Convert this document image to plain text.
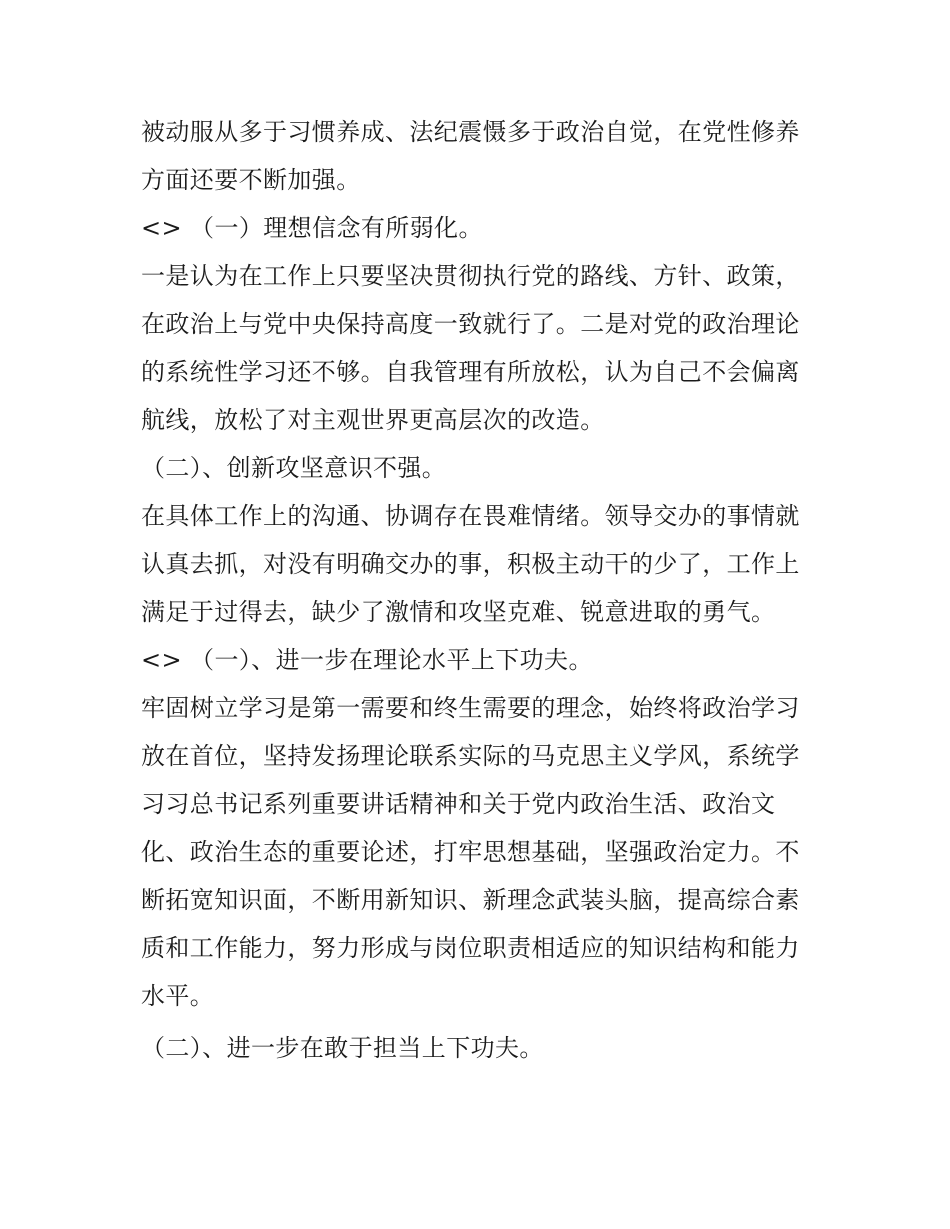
被动服从多于习惯养成、法纪震慑多于政治自觉，在党性修养
方面还要不断加强。
<> （一）理想信念有所弱化。
一是认为在工作上只要坚决贯彻执行党的路线、方针、政策，
在政治上与党中央保持高度一致就行了。二是对党的政治理论
的系统性学习还不够。自我管理有所放松，认为自己不会偏离
航线，放松了对主观世界更高层次的改造。
（二）、创新攻坚意识不强。
在具体工作上的沟通、协调存在畏难情绪。领导交办的事情就
认真去抓，对没有明确交办的事，积极主动干的少了，工作上
满足于过得去，缺少了激情和攻坚克难、锐意进取的勇气。
<> （一）、进一步在理论水平上下功夫。
牢固树立学习是第一需要和终生需要的理念，始终将政治学习
放在首位，坚持发扬理论联系实际的马克思主义学风，系统学
习习总书记系列重要讲话精神和关于党内政治生活、政治文
化、政治生态的重要论述，打牢思想基础，坚强政治定力。不
断拓宽知识面，不断用新知识、新理念武装头脑，提高综合素
质和工作能力，努力形成与岗位职责相适应的知识结构和能力
水平。
（二）、进一步在敢于担当上下功夫。
